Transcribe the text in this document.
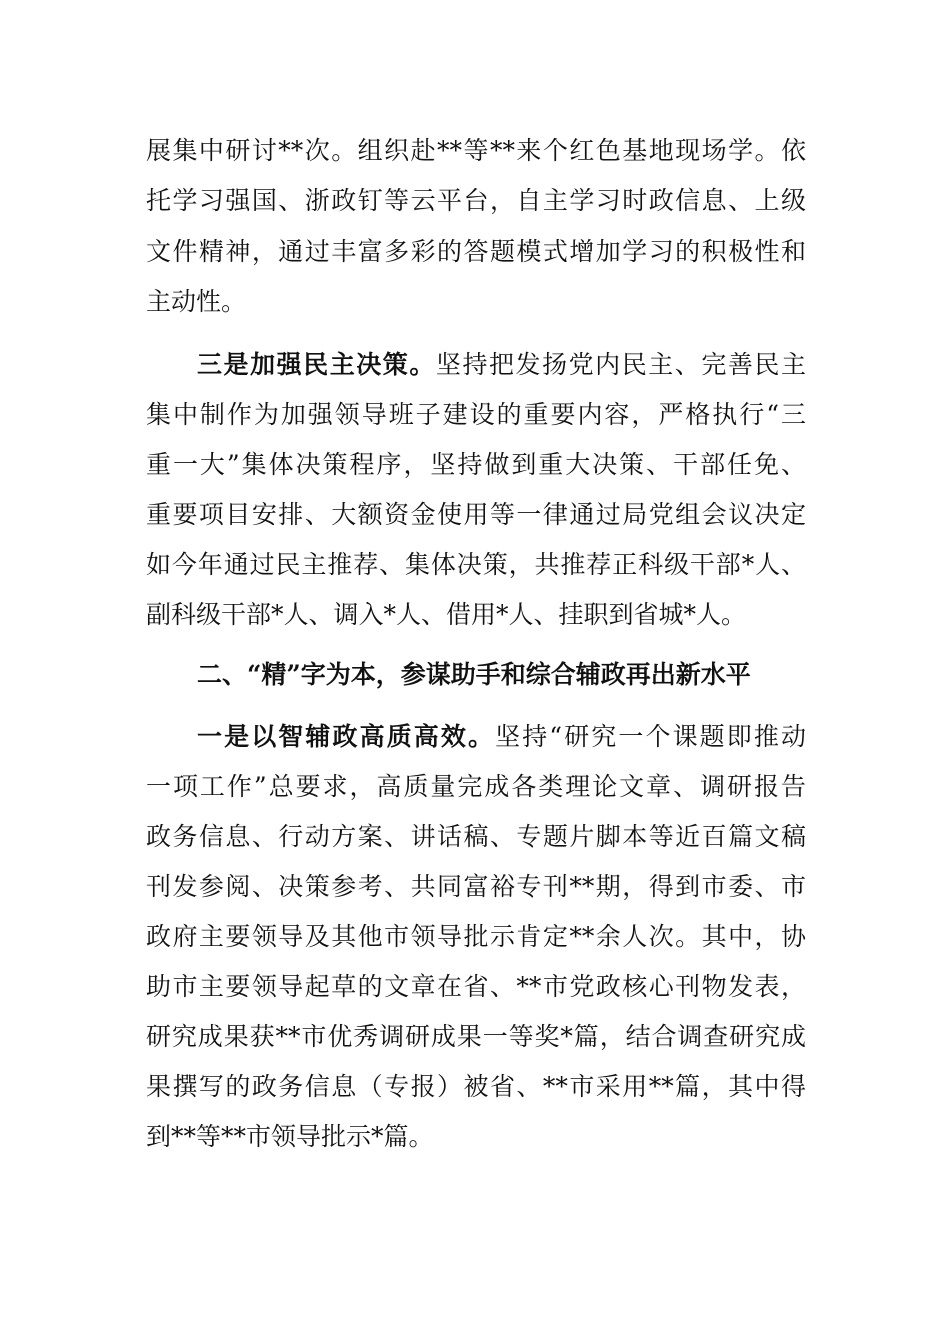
展集中研讨**次。组织赴**等**来个红色基地现场学。依
托学习强国、浙政钉等云平台，自主学习时政信息、上级
文件精神，通过丰富多彩的答题模式增加学习的积极性和
主动性。
三是加强民主决策。坚持把发扬党内民主、完善民主
集中制作为加强领导班子建设的重要内容，严格执行“三
重一大”集体决策程序，坚持做到重大决策、干部任免、
重要项目安排、大额资金使用等一律通过局党组会议决定
如今年通过民主推荐、集体决策，共推荐正科级干部*人、
副科级干部*人、调入*人、借用*人、挂职到省城*人。
二、“精”字为本，参谋助手和综合辅政再出新水平
一是以智辅政高质高效。坚持“研究一个课题即推动
一项工作”总要求，高质量完成各类理论文章、调研报告
政务信息、行动方案、讲话稿、专题片脚本等近百篇文稿
刊发参阅、决策参考、共同富裕专刊**期，得到市委、市
政府主要领导及其他市领导批示肯定**余人次。其中，协
助市主要领导起草的文章在省、**市党政核心刊物发表，
研究成果获**市优秀调研成果一等奖*篇，结合调查研究成
果撰写的政务信息（专报）被省、**市采用**篇，其中得
到**等**市领导批示*篇。
